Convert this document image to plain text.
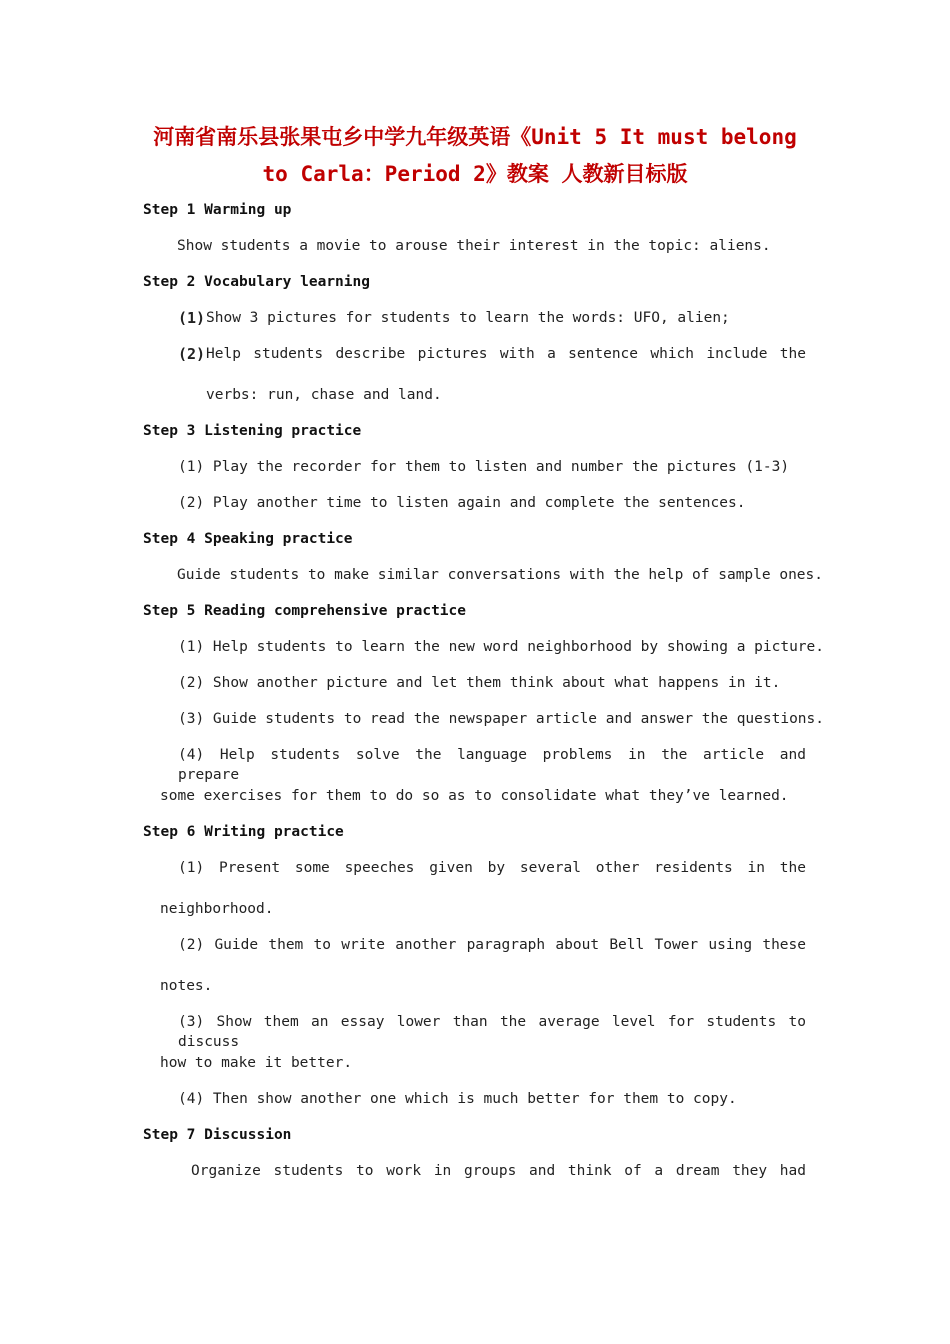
河南省南乐县张果屯乡中学九年级英语《Unit 5 It must belong
to Carla：Period 2》教案 人教新目标版
Step 1 Warming up
Show students a movie to arouse their interest in the topic: aliens.
Step 2 Vocabulary learning
(1) Show 3 pictures for students to learn the words: UFO, alien;
(2) Help students describe pictures with a sentence which include the
verbs: run, chase and land.
Step 3 Listening practice
(1) Play the recorder for them to listen and number the pictures (1-3)
(2) Play another time to listen again and complete the sentences.
Step 4 Speaking practice
Guide students to make similar conversations with the help of sample ones.
Step 5 Reading comprehensive practice
(1) Help students to learn the new word neighborhood by showing a picture.
(2) Show another picture and let them think about what happens in it.
(3) Guide students to read the newspaper article and answer the questions.
(4) Help students solve the language problems in the article and prepare
some exercises for them to do so as to consolidate what they’ve learned.
Step 6 Writing practice
(1) Present some speeches given by several other residents in the
neighborhood.
(2) Guide them to write another paragraph about Bell Tower using these
notes.
(3) Show them an essay lower than the average level for students to discuss
how to make it better.
(4) Then show another one which is much better for them to copy.
Step 7 Discussion
Organize students to work in groups and think of a dream they had
